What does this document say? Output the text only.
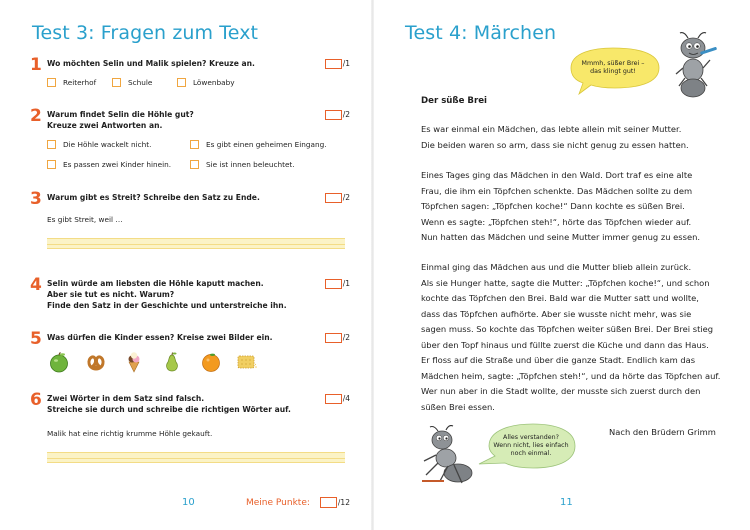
Test 3: Fragen zum Text
1 Wo möchten Selin und Malik spielen? Kreuze an.	/1
Reiterhof	Schule	Löwenbaby
2 Warum findet Selin die Höhle gut?
Kreuze zwei Antworten an.
/2
Die Höhle wackelt nicht.	Es gibt einen geheimen Eingang.
Es passen zwei Kinder hinein.	Sie ist innen beleuchtet.
3 Warum gibt es Streit? Schreibe den Satz zu Ende.	/2
Es gibt Streit, weil …
4 Selin würde am liebsten die Höhle kaputt machen.
Aber sie tut es nicht. Warum?
Finde den Satz in der Geschichte und unterstreiche ihn.
/1
5 Was dürfen die Kinder essen? Kreise zwei Bilder ein.	/2
6 Zwei Wörter in dem Satz sind falsch.
Streiche sie durch und schreibe die richtigen Wörter auf.
/4
Malik hat eine richtig krumme Höhle gekauft.
10	Meine Punkte:	/12
Test 4: Märchen
Mmmh, süßer Brei –
das klingt gut!
Der süße Brei

Es war einmal ein Mädchen, das lebte allein mit seiner Mutter.

Die beiden waren so arm, dass sie nicht genug zu essen hatten.

Eines Tages ging das Mädchen in den Wald. Dort traf es eine alte

Frau, die ihm ein Töpfchen schenkte. Das Mädchen sollte zu dem

Töpfchen sagen: „Töpfchen koche!“ Dann kochte es süßen Brei.

Wenn es sagte: „Töpfchen steh!“, hörte das Töpfchen wieder auf.

Nun hatten das Mädchen und seine Mutter immer genug zu essen.

Einmal ging das Mädchen aus und die Mutter blieb allein zurück.

Als sie Hunger hatte, sagte die Mutter: „Töpfchen koche!“, und schon

kochte das Töpfchen den Brei. Bald war die Mutter satt und wollte,

dass das Töpfchen aufhörte. Aber sie wusste nicht mehr, was sie

sagen muss. So kochte das Töpfchen weiter süßen Brei. Der Brei stieg

über den Topf hinaus und füllte zuerst die Küche und dann das Haus.

Er floss auf die Straße und über die ganze Stadt. Endlich kam das

Mädchen heim, sagte: „Töpfchen steh!“, und da hörte das Töpfchen auf.

Wer nun aber in die Stadt wollte, der musste sich zuerst durch den

süßen Brei essen.

Nach den Brüdern Grimm
Alles verstanden?
Wenn nicht, lies einfach
noch einmal.
11
